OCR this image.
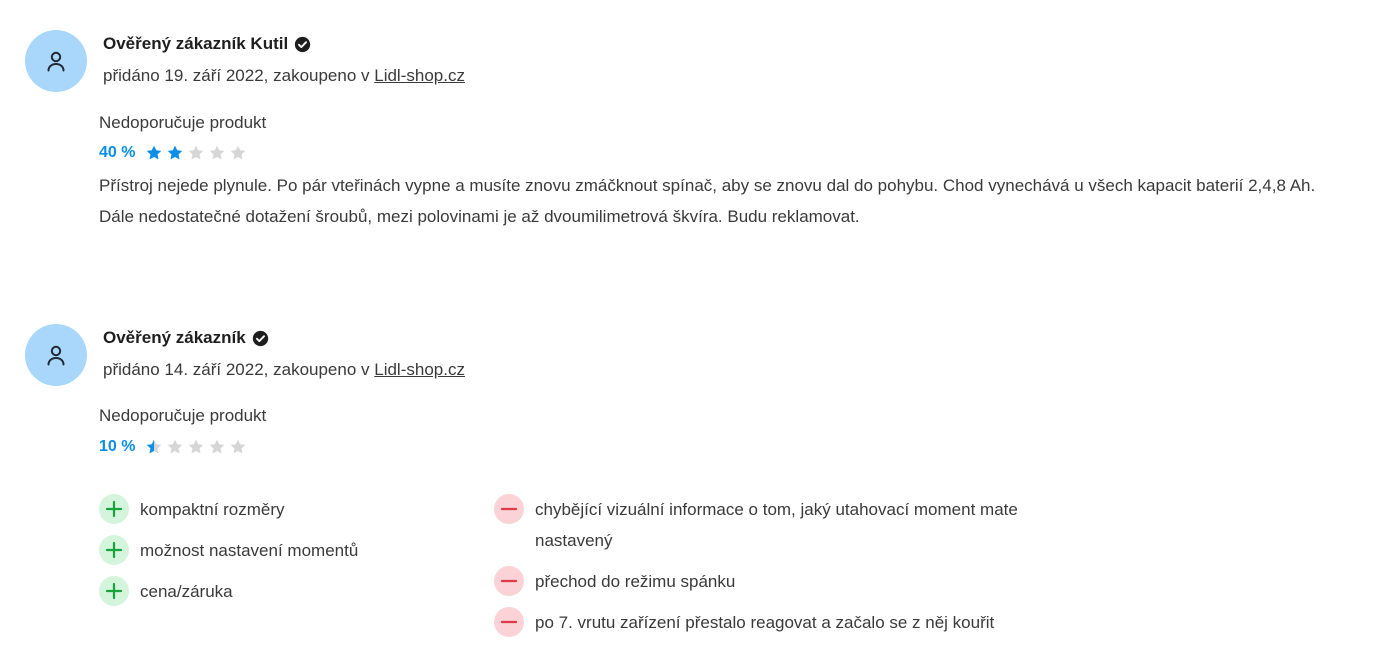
Ověřený zákazník Kutil
přidáno 19. září 2022, zakoupeno v Lidl-shop.cz
Nedoporučuje produkt
40 %
Přístroj nejede plynule. Po pár vteřinách vypne a musíte znovu zmáčknout spínač, aby se znovu dal do pohybu. Chod vynechává u všech kapacit baterií 2,4,8 Ah. Dále nedostatečné dotažení šroubů, mezi polovinami je až dvoumilimetrová škvíra. Budu reklamovat.
Ověřený zákazník
přidáno 14. září 2022, zakoupeno v Lidl-shop.cz
Nedoporučuje produkt
10 %
kompaktní rozměry
možnost nastavení momentů
cena/záruka
chybějící vizuální informace o tom, jaký utahovací moment mate nastavený
přechod do režimu spánku
po 7. vrutu zařízení přestalo reagovat a začalo se z něj kouřit
